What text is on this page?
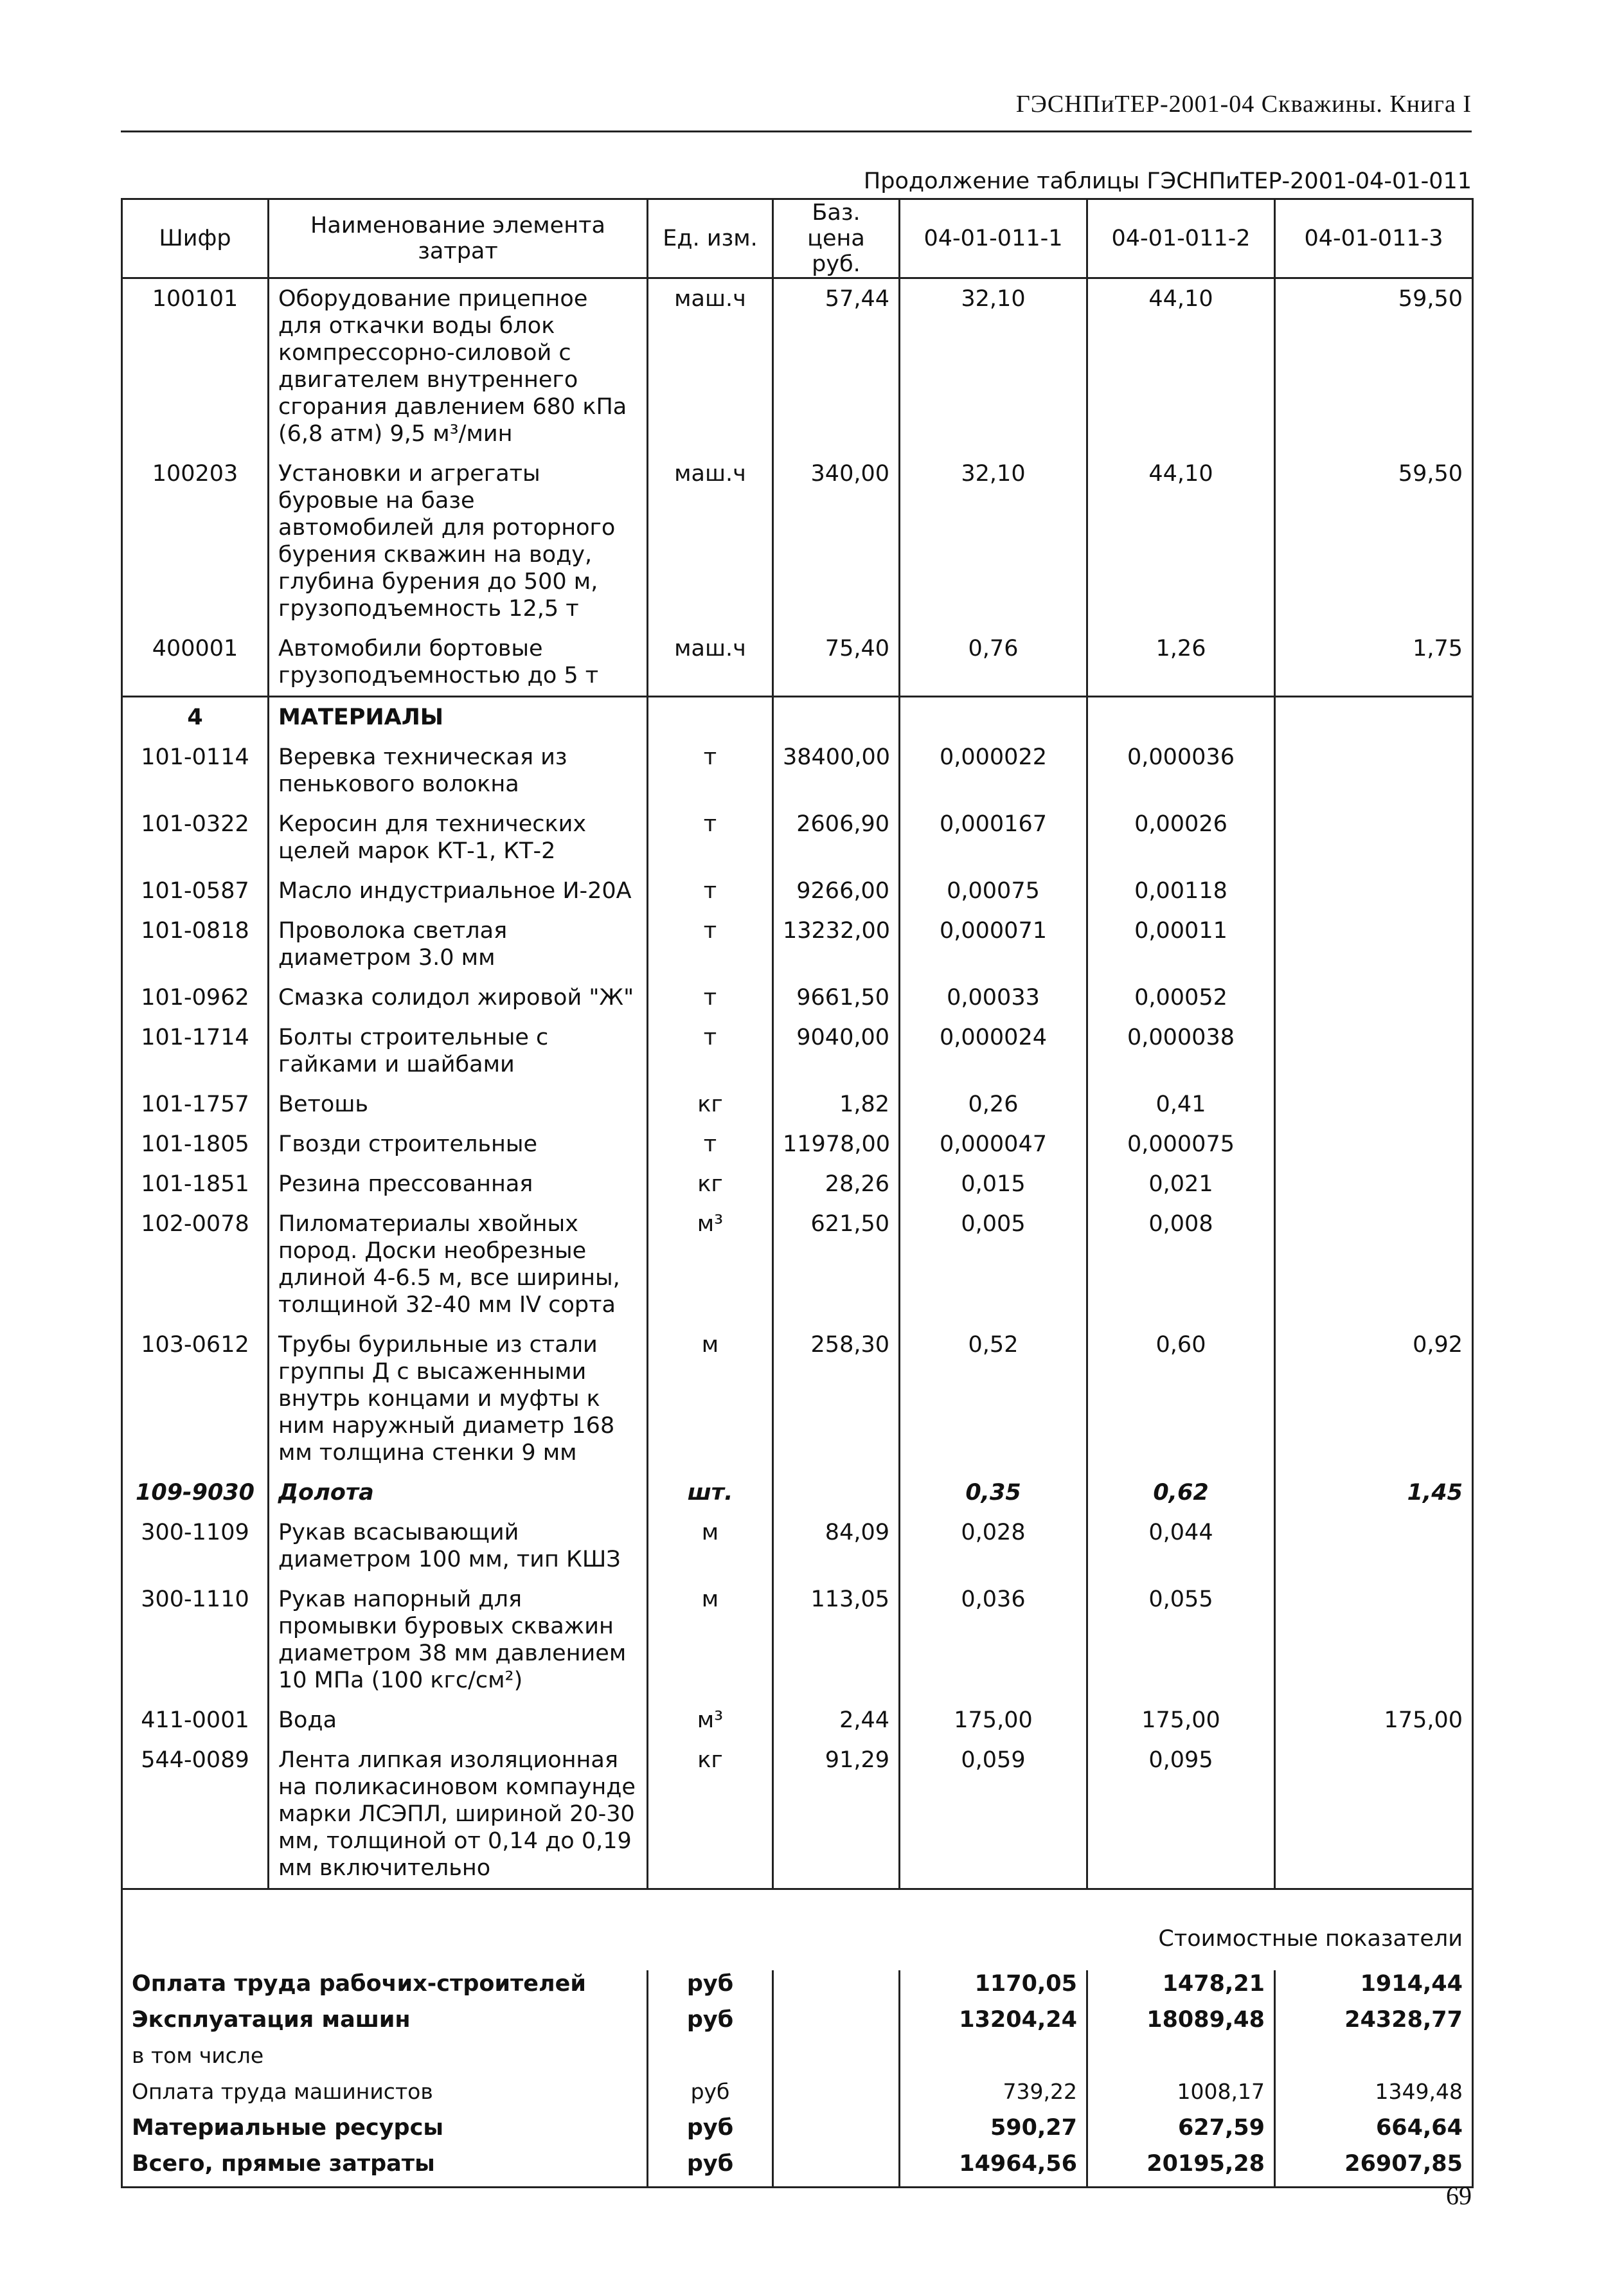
ГЭСНПиТЕР-2001-04 Скважины. Книга I
Продолжение таблицы ГЭСНПиТЕР-2001-04-01-011
Шифр	Наименование элемента затрат	Ед. изм.	Баз. цена руб.	04-01-011-1	04-01-011-2	04-01-011-3
100101	Оборудование прицепное для откачки воды блок компрессорно-силовой с двигателем внутреннего сгорания давлением 680 кПа (6,8 атм) 9,5 м³/мин	маш.ч	57,44	32,10	44,10	59,50
100203	Установки и агрегаты буровые на базе автомобилей для роторного бурения скважин на воду, глубина бурения до 500 м, грузоподъемность 12,5 т	маш.ч	340,00	32,10	44,10	59,50
400001	Автомобили бортовые грузоподъемностью до 5 т	маш.ч	75,40	0,76	1,26	1,75
4	МАТЕРИАЛЫ					
101-0114	Веревка техническая из пенькового волокна	т	38400,00	0,000022	0,000036	
101-0322	Керосин для технических целей марок КТ-1, КТ-2	т	2606,90	0,000167	0,00026	
101-0587	Масло индустриальное И-20А	т	9266,00	0,00075	0,00118	
101-0818	Проволока светлая диаметром 3.0 мм	т	13232,00	0,000071	0,00011	
101-0962	Смазка солидол жировой "Ж"	т	9661,50	0,00033	0,00052	
101-1714	Болты строительные с гайками и шайбами	т	9040,00	0,000024	0,000038	
101-1757	Ветошь	кг	1,82	0,26	0,41	
101-1805	Гвозди строительные	т	11978,00	0,000047	0,000075	
101-1851	Резина прессованная	кг	28,26	0,015	0,021	
102-0078	Пиломатериалы хвойных пород. Доски необрезные длиной 4-6.5 м, все ширины, толщиной 32-40 мм IV сорта	м³	621,50	0,005	0,008	
103-0612	Трубы бурильные из стали группы Д с высаженными внутрь концами и муфты к ним наружный диаметр 168 мм толщина стенки 9 мм	м	258,30	0,52	0,60	0,92
109-9030	Долота	шт.		0,35	0,62	1,45
300-1109	Рукав всасывающий диаметром 100 мм, тип КШЗ	м	84,09	0,028	0,044	
300-1110	Рукав напорный для промывки буровых скважин диаметром 38 мм давлением 10 МПа (100 кгс/см²)	м	113,05	0,036	0,055	
411-0001	Вода	м³	2,44	175,00	175,00	175,00
544-0089	Лента липкая изоляционная на поликасиновом компаунде марки ЛСЭПЛ, шириной 20-30 мм, толщиной от 0,14 до 0,19 мм включительно	кг	91,29	0,059	0,095	
Стоимостные показатели						
Оплата труда рабочих-строителей		руб		1170,05	1478,21	1914,44
Эксплуатация машин		руб		13204,24	18089,48	24328,77
в том числе						
Оплата труда машинистов		руб		739,22	1008,17	1349,48
Материальные ресурсы		руб		590,27	627,59	664,64
Всего, прямые затраты		руб		14964,56	20195,28	26907,85
69
